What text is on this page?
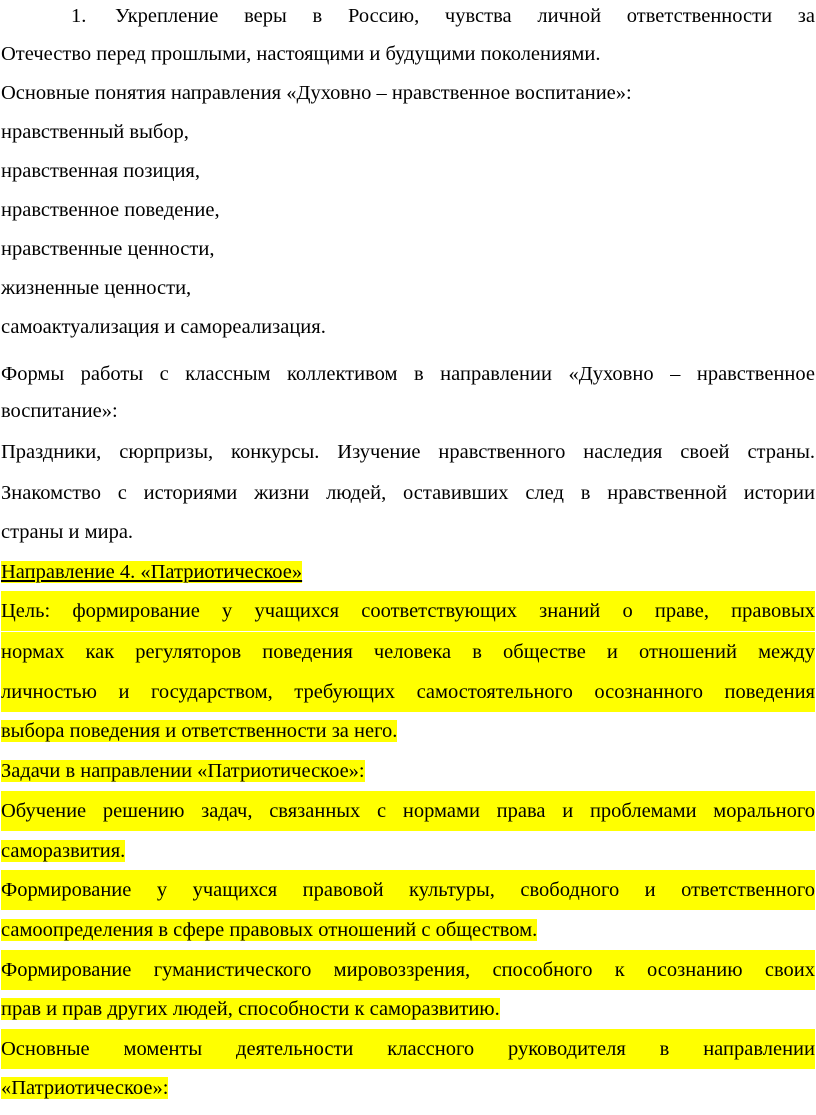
1. Укрепление веры в Россию, чувства личной ответственности за
Отечество перед прошлыми, настоящими и будущими поколениями.
Основные понятия направления «Духовно – нравственное воспитание»:
нравственный выбор,
нравственная позиция,
нравственное поведение,
нравственные ценности,
жизненные ценности,
самоактуализация и самореализация.
Формы работы с классным коллективом в направлении «Духовно – нравственное
воспитание»:
Праздники, сюрпризы, конкурсы. Изучение нравственного наследия своей страны.
Знакомство с историями жизни людей, оставивших след в нравственной истории
страны и мира.
Направление 4. «Патриотическое»
Цель: формирование у учащихся соответствующих знаний о праве, правовых
нормах как регуляторов поведения человека в обществе и отношений между
личностью и государством, требующих самостоятельного осознанного поведения
выбора поведения и ответственности за него.
Задачи в направлении «Патриотическое»:
Обучение решению задач, связанных с нормами права и проблемами морального
саморазвития.
Формирование у учащихся правовой культуры, свободного и ответственного
самоопределения в сфере правовых отношений с обществом.
Формирование гуманистического мировоззрения, способного к осознанию своих
прав и прав других людей, способности к саморазвитию.
Основные моменты деятельности классного руководителя в направлении
«Патриотическое»:
